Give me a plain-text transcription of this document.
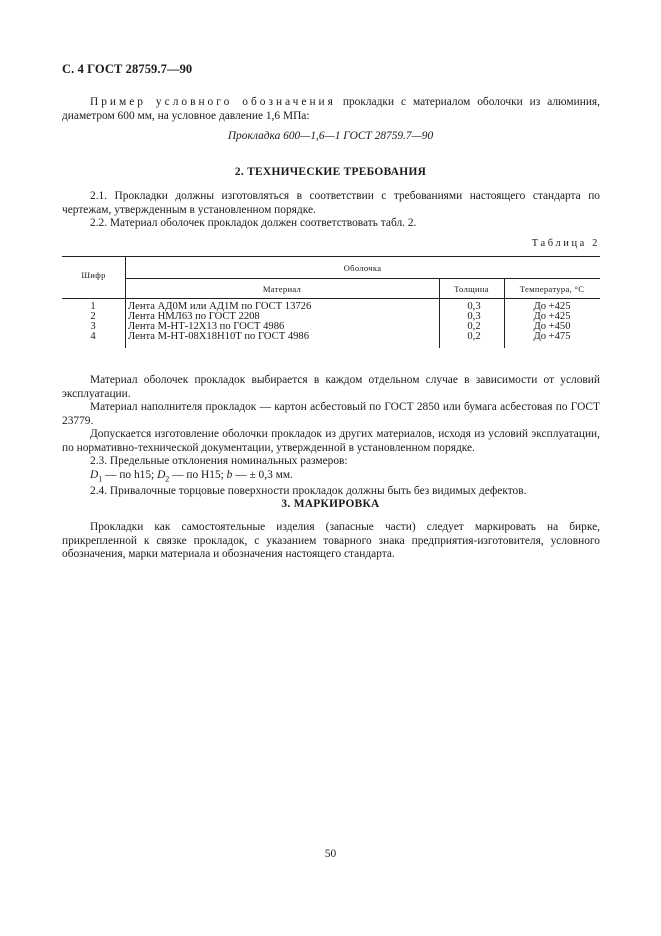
С. 4 ГОСТ 28759.7—90

Пример условного обозначения прокладки с материалом оболочки из алюминия, диаметром 600 мм, на условное давление 1,6 МПа:

Прокладка 600—1,6—1 ГОСТ 28759.7—90
2. ТЕХНИЧЕСКИЕ ТРЕБОВАНИЯ

2.1. Прокладки должны изготовляться в соответствии с требованиями настоящего стандарта по чертежам, утвержденным в установленном порядке.

2.2. Материал оболочек прокладок должен соответствовать табл. 2.

Таблица 2
Шифр
Оболочка
Материал	Толщина	Температура, °С
1	Лента АД0М или АД1М по ГОСТ 13726	0,3	До +425
2	Лента НМЛ63 по ГОСТ 2208	0,3	До +425
3	Лента М-НТ-12Х13 по ГОСТ 4986	0,2	До +450
4	Лента М-НТ-08Х18Н10Т по ГОСТ 4986	0,2	До +475

Материал оболочек прокладок выбирается в каждом отдельном случае в зависимости от условий эксплуатации.

Материал наполнителя прокладок — картон асбестовый по ГОСТ 2850 или бумага асбестовая по ГОСТ 23779.

Допускается изготовление оболочки прокладок из других материалов, исходя из условий эксплуатации, по нормативно-технической документации, утвержденной в установленном порядке.

2.3. Предельные отклонения номинальных размеров:

$D_1$ — по h15; $D_2$ — по H15; b — ± 0,3 мм.

2.4. Привалочные торцовые поверхности прокладок должны быть без видимых дефектов.

3. МАРКИРОВКА

Прокладки как самостоятельные изделия (запасные части) следует маркировать на бирке, прикрепленной к связке прокладок, с указанием товарного знака предприятия-изготовителя, условного обозначения, марки материала и обозначения настоящего стандарта.

50
